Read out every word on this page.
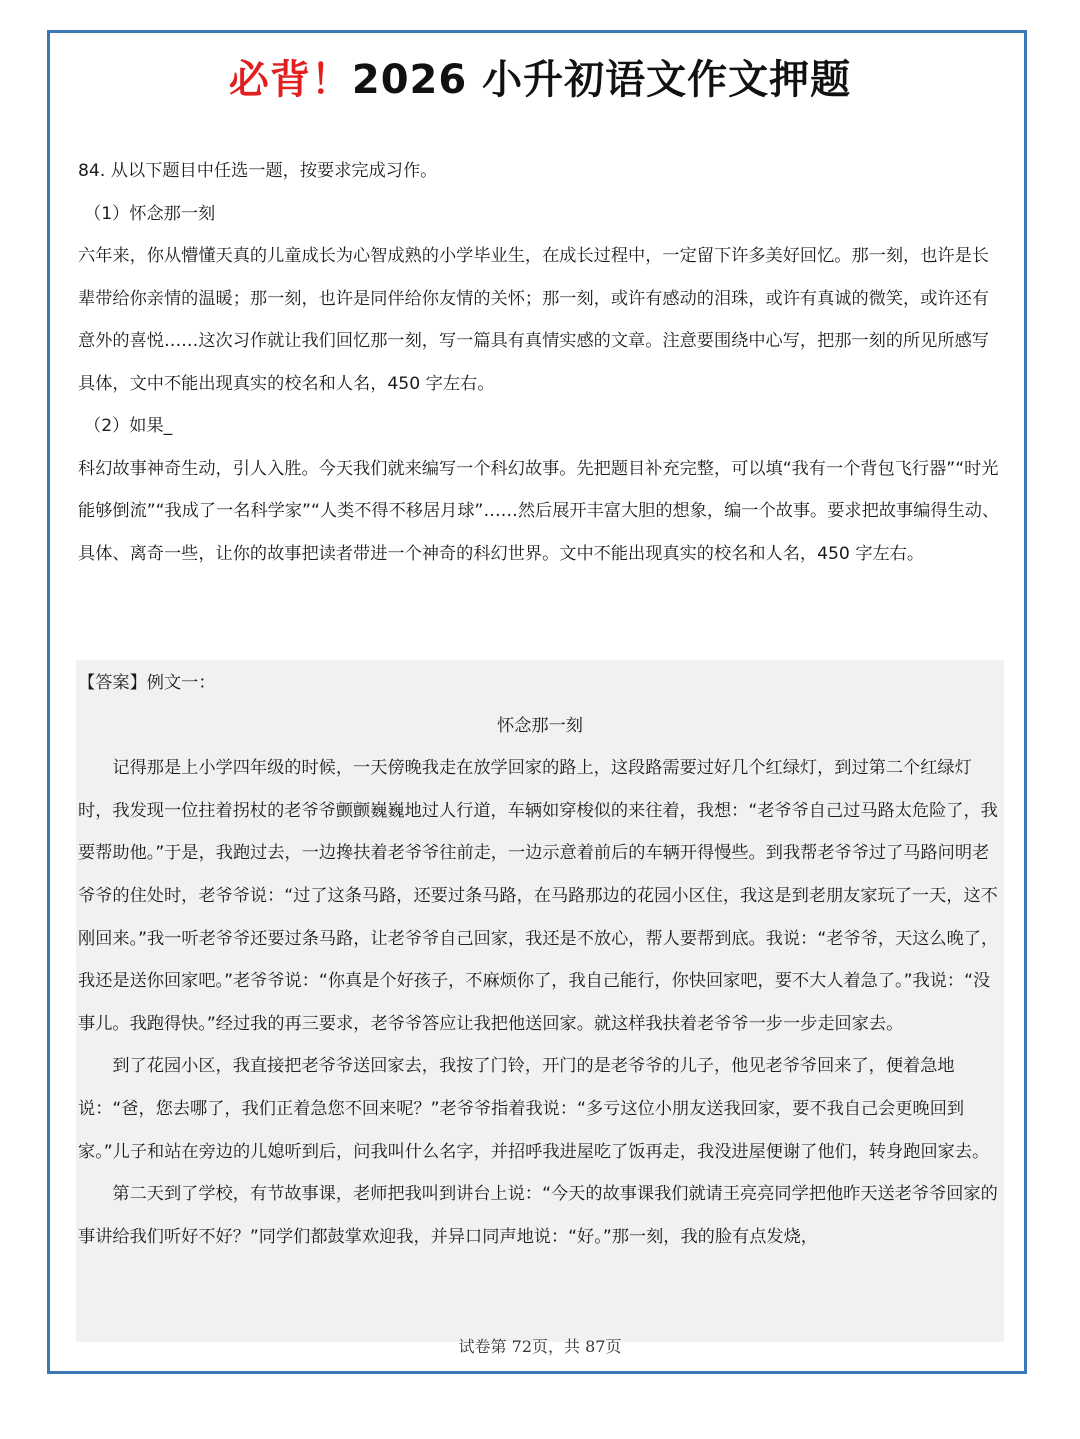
必背！2026 小升初语文作文押题

84. 从以下题目中任选一题，按要求完成习作。

（1）怀念那一刻

六年来，你从懵懂天真的儿童成长为心智成熟的小学毕业生，在成长过程中，一定留下许多美好回忆。那一刻，也许是长辈带给你亲情的温暖；那一刻，也许是同伴给你友情的关怀；那一刻，或许有感动的泪珠，或许有真诚的微笑，或许还有意外的喜悦……这次习作就让我们回忆那一刻，写一篇具有真情实感的文章。注意要围绕中心写，把那一刻的所见所感写具体，文中不能出现真实的校名和人名，450 字左右。

（2）如果_

科幻故事神奇生动，引人入胜。今天我们就来编写一个科幻故事。先把题目补充完整，可以填“我有一个背包飞行器”“时光能够倒流”“我成了一名科学家”“人类不得不移居月球”……然后展开丰富大胆的想象，编一个故事。要求把故事编得生动、具体、离奇一些，让你的故事把读者带进一个神奇的科幻世界。文中不能出现真实的校名和人名，450 字左右。

【答案】例文一：

怀念那一刻

记得那是上小学四年级的时候，一天傍晚我走在放学回家的路上，这段路需要过好几个红绿灯，到过第二个红绿灯时，我发现一位拄着拐杖的老爷爷颤颤巍巍地过人行道，车辆如穿梭似的来往着，我想：“老爷爷自己过马路太危险了，我要帮助他。”于是，我跑过去，一边搀扶着老爷爷往前走，一边示意着前后的车辆开得慢些。到我帮老爷爷过了马路问明老爷爷的住处时，老爷爷说：“过了这条马路，还要过条马路，在马路那边的花园小区住，我这是到老朋友家玩了一天，这不刚回来。”我一听老爷爷还要过条马路，让老爷爷自己回家，我还是不放心，帮人要帮到底。我说：“老爷爷，天这么晚了，我还是送你回家吧。”老爷爷说：“你真是个好孩子，不麻烦你了，我自己能行，你快回家吧，要不大人着急了。”我说：“没事儿。我跑得快。”经过我的再三要求，老爷爷答应让我把他送回家。就这样我扶着老爷爷一步一步走回家去。

到了花园小区，我直接把老爷爷送回家去，我按了门铃，开门的是老爷爷的儿子，他见老爷爷回来了，便着急地说：“爸，您去哪了，我们正着急您不回来呢？”老爷爷指着我说：“多亏这位小朋友送我回家，要不我自己会更晚回到家。”儿子和站在旁边的儿媳听到后，问我叫什么名字，并招呼我进屋吃了饭再走，我没进屋便谢了他们，转身跑回家去。

第二天到了学校，有节故事课，老师把我叫到讲台上说：“今天的故事课我们就请王亮亮同学把他昨天送老爷爷回家的事讲给我们听好不好？”同学们都鼓掌欢迎我，并异口同声地说：“好。”那一刻，我的脸有点发烧，

试卷第 72页，共 87页
